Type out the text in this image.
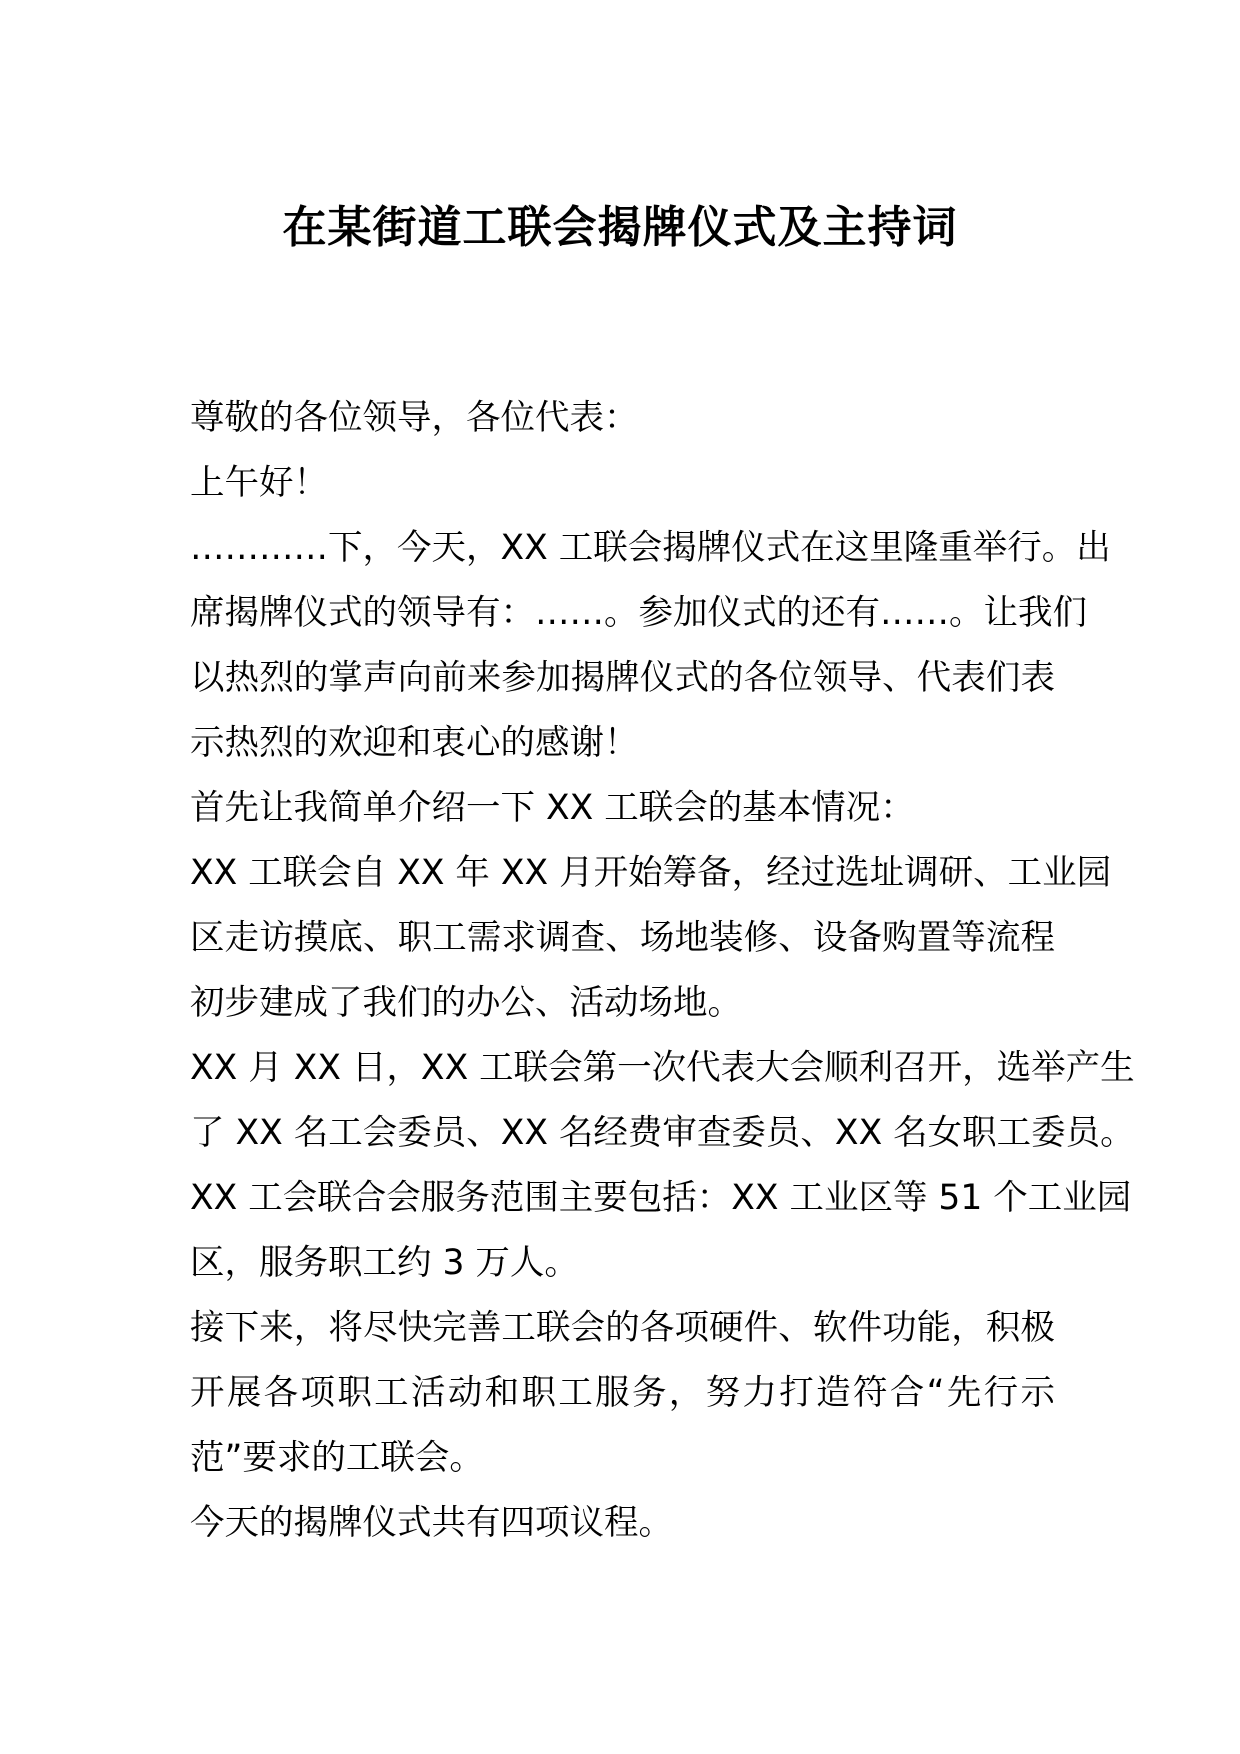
在某街道工联会揭牌仪式及主持词
尊敬的各位领导，各位代表：
上午好！
…………下，今天，XX 工联会揭牌仪式在这里隆重举行。出
席揭牌仪式的领导有：……。参加仪式的还有……。让我们
以热烈的掌声向前来参加揭牌仪式的各位领导、代表们表
示热烈的欢迎和衷心的感谢！
首先让我简单介绍一下 XX 工联会的基本情况：
XX 工联会自 XX 年 XX 月开始筹备，经过选址调研、工业园
区走访摸底、职工需求调查、场地装修、设备购置等流程
初步建成了我们的办公、活动场地。
XX 月 XX 日，XX 工联会第一次代表大会顺利召开，选举产生
了 XX 名工会委员、XX 名经费审查委员、XX 名女职工委员。
XX 工会联合会服务范围主要包括：XX 工业区等 51 个工业园
区，服务职工约 3 万人。
接下来，将尽快完善工联会的各项硬件、软件功能，积极
开展各项职工活动和职工服务，努力打造符合“先行示
范”要求的工联会。
今天的揭牌仪式共有四项议程。
